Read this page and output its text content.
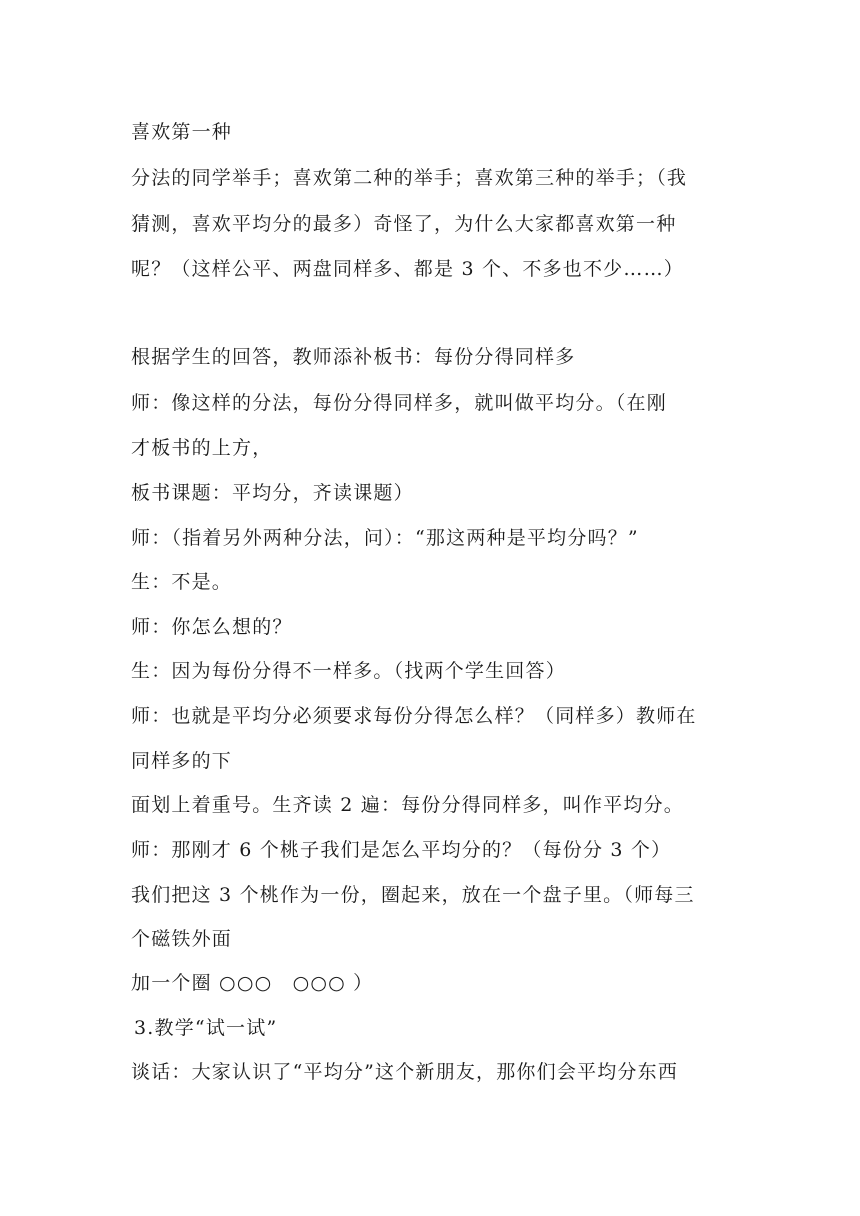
喜欢第一种
分法的同学举手；喜欢第二种的举手；喜欢第三种的举手；（我
猜测，喜欢平均分的最多）奇怪了，为什么大家都喜欢第一种
呢？（这样公平、两盘同样多、都是 3 个、不多也不少……）
根据学生的回答，教师添补板书：每份分得同样多
师：像这样的分法，每份分得同样多，就叫做平均分。（在刚
才板书的上方，
板书课题：平均分，齐读课题）
师：（指着另外两种分法，问）：“那这两种是平均分吗？”
生：不是。
师：你怎么想的？
生：因为每份分得不一样多。（找两个学生回答）
师：也就是平均分必须要求每份分得怎么样？（同样多）教师在
同样多的下
面划上着重号。生齐读 2 遍：每份分得同样多，叫作平均分。
师：那刚才 6 个桃子我们是怎么平均分的？（每份分 3 个）
我们把这 3 个桃作为一份，圈起来，放在一个盘子里。（师每三
个磁铁外面
加一个圈 ○○○　○○○ ）
3.教学“试一试”
谈话：大家认识了“平均分”这个新朋友，那你们会平均分东西
